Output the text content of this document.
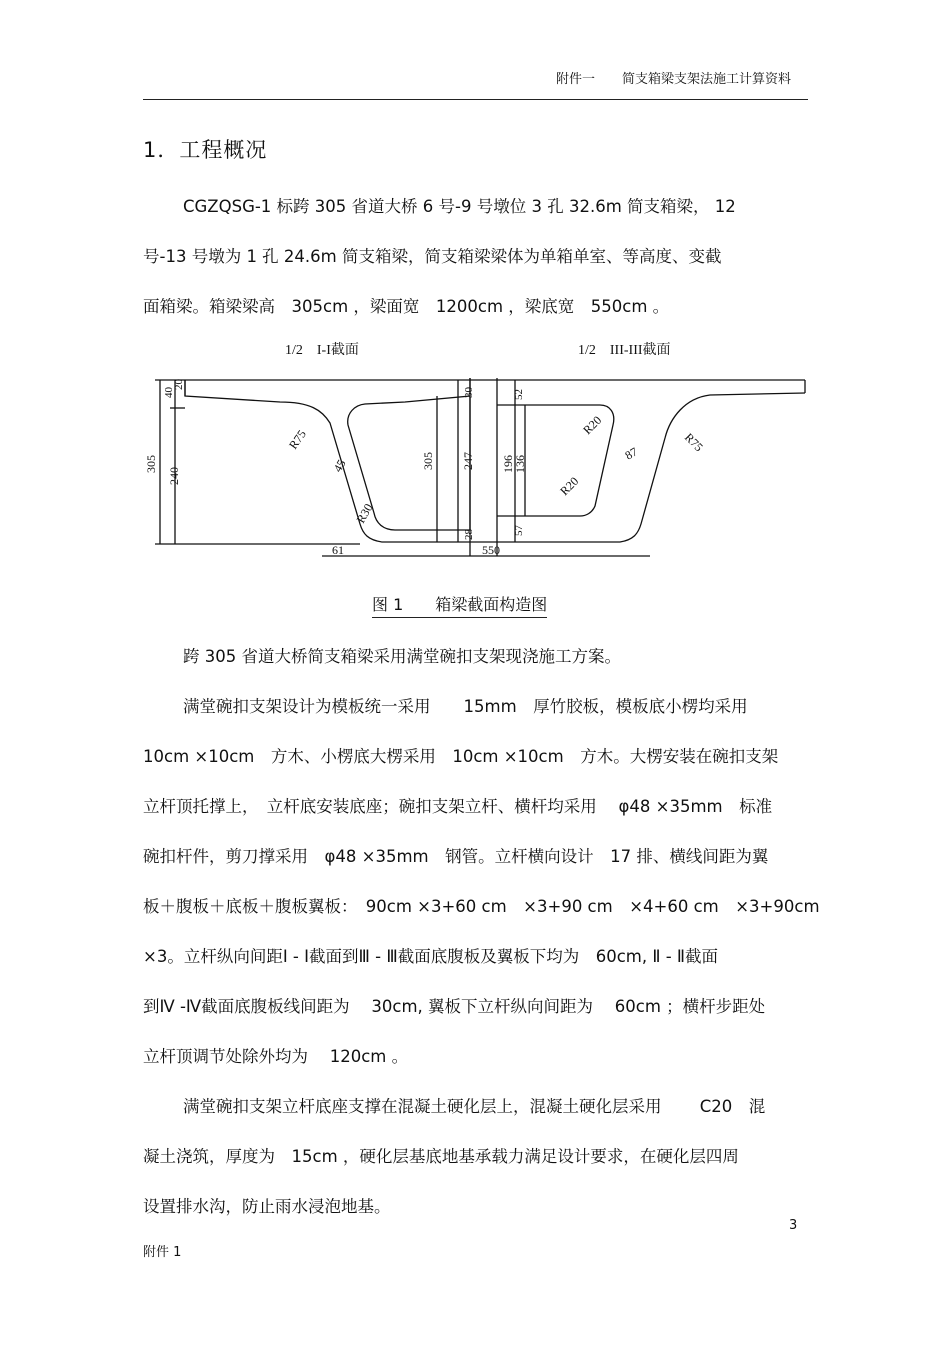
附件一 简支箱梁支架法施工计算资料
1．工程概况
CGZQSG-1 标跨 305 省道大桥 6 号-9 号墩位 3 孔 32.6m 简支箱梁， 12
号-13 号墩为 1 孔 24.6m 简支箱梁，简支箱梁梁体为单箱单室、等高度、变截
面箱梁。箱梁梁高　305cm ，梁面宽　1200cm ，梁底宽　550cm 。
1/2　I-I截面	1/2　III-III截面
40
20
305
240
R75
45
R30
61
305
30
247
28
550
52
196
136
57
R20
R20
87	R75
图 1　　箱梁截面构造图
跨 305 省道大桥简支箱梁采用满堂碗扣支架现浇施工方案。
满堂碗扣支架设计为模板统一采用　　15mm　厚竹胶板，模板底小楞均采用
10cm ×10cm　方木、小楞底大楞采用　10cm ×10cm　方木。大楞安装在碗扣支架
立杆顶托撑上，　立杆底安装底座；碗扣支架立杆、横杆均采用　 φ48 ×35mm　标准
碗扣杆件，剪刀撑采用　φ48 ×35mm　钢管。立杆横向设计　17 排、横线间距为翼
板＋腹板＋底板＋腹板翼板：　90cm ×3+60 cm　×3+90 cm　×4+60 cm　×3+90cm
×3。立杆纵向间距Ⅰ - Ⅰ截面到Ⅲ - Ⅲ截面底腹板及翼板下均为　60cm, Ⅱ - Ⅱ截面
到Ⅳ -Ⅳ截面底腹板线间距为　 30cm, 翼板下立杆纵向间距为　 60cm ；横杆步距处
立杆顶调节处除外均为　 120cm 。
满堂碗扣支架立杆底座支撑在混凝土硬化层上，混凝土硬化层采用　　 C20　混
凝土浇筑，厚度为　15cm ，硬化层基底地基承载力满足设计要求，在硬化层四周
设置排水沟，防止雨水浸泡地基。
3
附件 1
